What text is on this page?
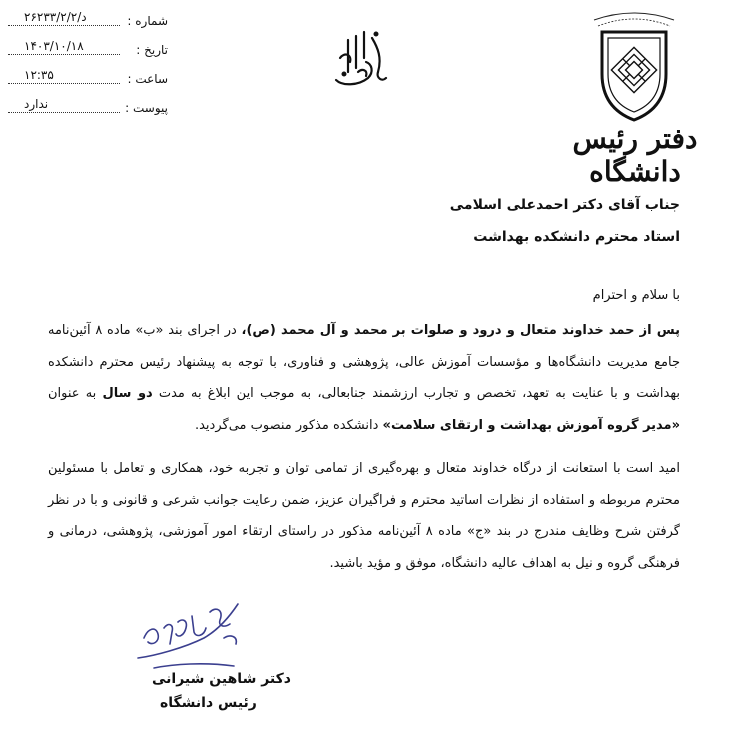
شماره :
د/۲۶۲۳۳/۲/۲
تاریخ :
۱۴۰۳/۱۰/۱۸
ساعت :
۱۲:۳۵
پیوست :
ندارد
دفتر رئیس دانشگاه
جناب آقای دکتر احمدعلی اسلامی
استاد محترم دانشکده بهداشت
با سلام و احترام
پس از حمد خداوند متعال و درود و صلوات بر محمد و آل محمد (ص)، در اجرای بند «ب» ماده ۸ آئین‌نامه جامع مدیریت دانشگاه‌ها و مؤسسات آموزش عالی، پژوهشی و فناوری، با توجه به پیشنهاد رئیس محترم دانشکده بهداشت و با عنایت به تعهد، تخصص و تجارب ارزشمند جنابعالی، به موجب این ابلاغ به مدت دو سال به عنوان «مدیر گروه آموزش بهداشت و ارتقای سلامت» دانشکده مذکور منصوب می‌گردید.
امید است با استعانت از درگاه خداوند متعال و بهره‌گیری از تمامی توان و تجربه خود، همکاری و تعامل با مسئولین محترم مربوطه و استفاده از نظرات اساتید محترم و فراگیران عزیز، ضمن رعایت جوانب شرعی و قانونی و با در نظر گرفتن شرح وظایف مندرج در بند «ج» ماده ۸ آئین‌نامه مذکور در راستای ارتقاء امور آموزشی، پژوهشی، درمانی و فرهنگی گروه و نیل به اهداف عالیه دانشگاه، موفق و مؤید باشید.
دکتر شاهین شیرانی
رئیس دانشگاه
